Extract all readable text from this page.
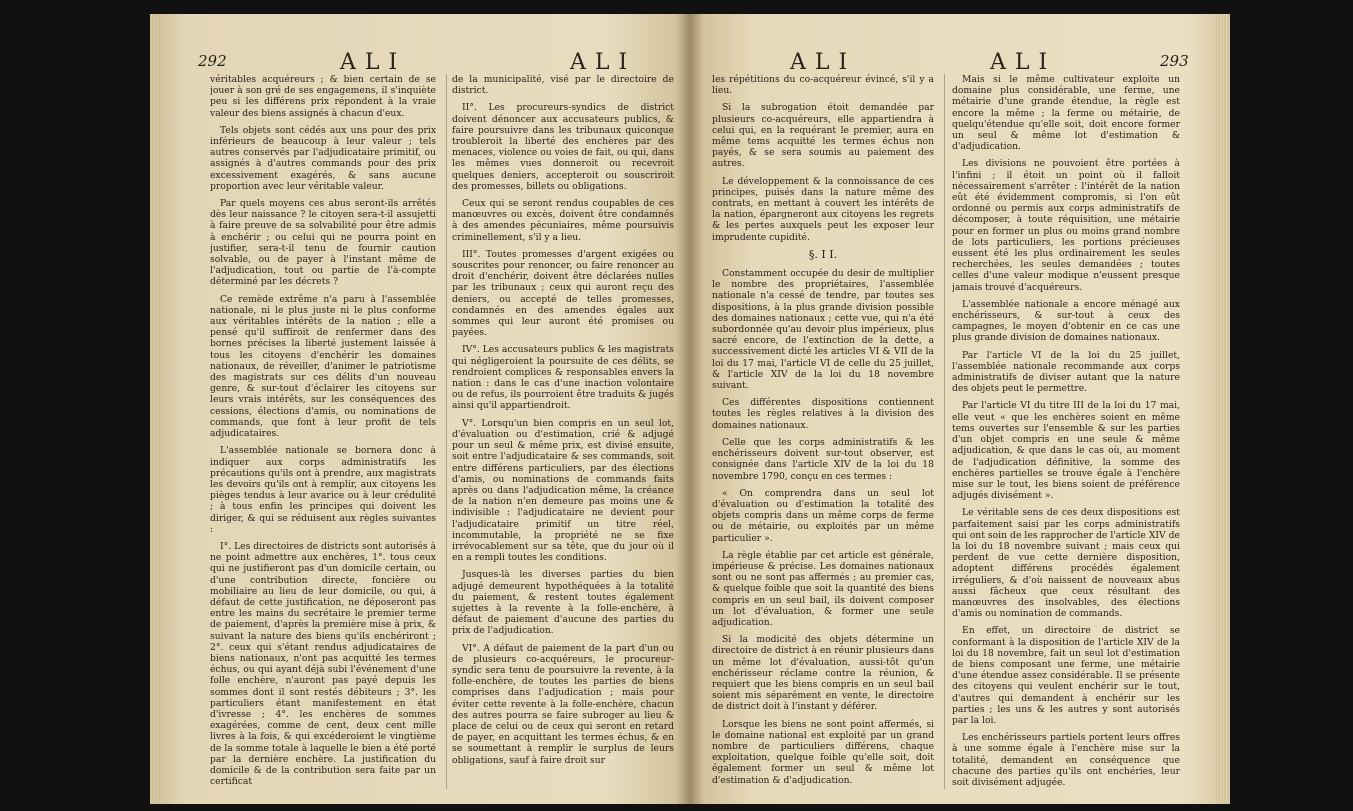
292	ALI	ALI

véritables acquéreurs ; & bien certain de se jouer à son gré de ses engagemens, il s'inquiète peu si les différens prix répondent à la vraie valeur des biens assignés à chacun d'eux.

Tels objets sont cédés aux uns pour des prix inférieurs de beaucoup à leur valeur ; tels autres conservés par l'adjudicataire primitif, ou assignés à d'autres commands pour des prix excessivement exagérés, & sans aucune proportion avec leur véritable valeur.

Par quels moyens ces abus seront-ils arrêtés dès leur naissance ? le citoyen sera-t-il assujetti à faire preuve de sa solvabilité pour être admis à enchérir ; ou celui qui ne pourra point en justifier, sera-t-il tenu de fournir caution solvable, ou de payer à l'instant même de l'adjudication, tout ou partie de l'à-compte déterminé par les décrets ?

Ce remède extrême n'a paru à l'assemblée nationale, ni le plus juste ni le plus conforme aux véritables intérêts de la nation ; elle a pensé qu'il suffiroit de renfermer dans des bornes précises la liberté justement laissée à tous les citoyens d'enchérir les domaines nationaux, de réveiller, d'animer le patriotisme des magistrats sur ces délits d'un nouveau genre, & sur-tout d'éclairer les citoyens sur leurs vrais intérêts, sur les conséquences des cessions, élections d'amis, ou nominations de commands, que font à leur profit de tels adjudicataires.

L'assemblée nationale se bornera donc à indiquer aux corps administratifs les précautions qu'ils ont à prendre, aux magistrats les devoirs qu'ils ont à remplir, aux citoyens les pièges tendus à leur avarice ou à leur crédulité ; à tous enfin les principes qui doivent les diriger, & qui se réduisent aux règles suivantes :

I°. Les directoires de districts sont autorisés à ne point admettre aux enchères, 1°. tous ceux qui ne justifieront pas d'un domicile certain, ou d'une contribution directe, foncière ou mobiliaire au lieu de leur domicile, ou qui, à défaut de cette justification, ne déposeront pas entre les mains du secrétaire le premier terme de paiement, d'après la première mise à prix, & suivant la nature des biens qu'ils enchériront ; 2°. ceux qui s'étant rendus adjudicataires de biens nationaux, n'ont pas acquitté les termes échus, ou qui ayant déjà subi l'événement d'une folle enchère, n'auront pas payé depuis les sommes dont il sont restés débiteurs ; 3°. les particuliers étant manifestement en état d'ivresse ; 4°. les enchères de sommes exagérées, comme de cent, deux cent mille livres à la fois, & qui excéderoient le vingtième de la somme totale à laquelle le bien a été porté par la dernière enchère. La justification du domicile & de la contribution sera faite par un certificat

de la municipalité, visé par le directoire de district.

II°. Les procureurs-syndics de district doivent dénoncer aux accusateurs publics, & faire poursuivre dans les tribunaux quiconque troubleroit la liberté des enchères par des menaces, violence ou voies de fait, ou qui, dans les mêmes vues donneroit ou recevroit quelques deniers, accepteroit ou souscriroit des promesses, billets ou obligations.

Ceux qui se seront rendus coupables de ces manœuvres ou excès, doivent être condamnés à des amendes pécuniaires, même poursuivis criminellement, s'il y a lieu.

III°. Toutes promesses d'argent exigées ou souscrites pour renoncer, ou faire renoncer au droit d'enchérir, doivent être déclarées nulles par les tribunaux ; ceux qui auront reçu des deniers, ou accepté de telles promesses, condamnés en des amendes égales aux sommes qui leur auront été promises ou payées.

IV°. Les accusateurs publics & les magistrats qui négligeroient la poursuite de ces délits, se rendroient complices & responsables envers la nation : dans le cas d'une inaction volontaire ou de refus, ils pourroient être traduits & jugés ainsi qu'il appartiendroit.

V°. Lorsqu'un bien compris en un seul lot, d'évaluation ou d'estimation, crié & adjugé pour un seul & même prix, est divisé ensuite, soit entre l'adjudicataire & ses commands, soit entre différens particuliers, par des élections d'amis, ou nominations de commands faits après ou dans l'adjudication même, la créance de la nation n'en demeure pas moins une & indivisible : l'adjudicataire ne devient pour l'adjudicataire primitif un titre réel, incommutable, la propriété ne se fixe irrévocablement sur sa tête, que du jour où il en a rempli toutes les conditions.

Jusques-là les diverses parties du bien adjugé demeurent hypothéquées à la totalité du paiement, & restent toutes également sujettes à la revente à la folle-enchère, à défaut de paiement d'aucune des parties du prix de l'adjudication.

VI°. A défaut de paiement de la part d'un ou de plusieurs co-acquéreurs, le procureur-syndic sera tenu de poursuivre la revente, à la folle-enchère, de toutes les parties de biens comprises dans l'adjudication ; mais pour éviter cette revente à la folle-enchère, chacun des autres pourra se faire subroger au lieu & place de celui ou de ceux qui seront en retard de payer, en acquittant les termes échus, & en se soumettant à remplir le surplus de leurs obligations, sauf à faire droit sur

ALI	ALI	293

les répétitions du co-acquéreur évincé, s'il y a lieu.

Si la subrogation étoit demandée par plusieurs co-acquéreurs, elle appartiendra à celui qui, en la requérant le premier, aura en même tems acquitté les termes échus non payés, & se sera soumis au paiement des autres.

Le développement & la connoissance de ces principes, puisés dans la nature même des contrats, en mettant à couvert les intérêts de la nation, épargneront aux citoyens les regrets & les pertes auxquels peut les exposer leur imprudente cupidité.

§. I I.

Constamment occupée du desir de multiplier le nombre des propriétaires, l'assemblée nationale n'a cessé de tendre, par toutes ses dispositions, à la plus grande division possible des domaines nationaux ; cette vue, qui n'a été subordonnée qu'au devoir plus impérieux, plus sacré encore, de l'extinction de la dette, a successivement dicté les articles VI & VII de la loi du 17 mai, l'article VI de celle du 25 juillet, & l'article XIV de la loi du 18 novembre suivant.

Ces différentes dispositions contiennent toutes les règles relatives à la division des domaines nationaux.

Celle que les corps administratifs & les enchérisseurs doivent sur-tout observer, est consignée dans l'article XIV de la loi du 18 novembre 1790, conçu en ces termes :

« On comprendra dans un seul lot d'évaluation ou d'estimation la totalité des objets compris dans un même corps de ferme ou de métairie, ou exploités par un même particulier ».

La règle établie par cet article est générale, impérieuse & précise. Les domaines nationaux sont ou ne sont pas affermés ; au premier cas, & quelque foible que soit la quantité des biens compris en un seul bail, ils doivent composer un lot d'évaluation, & former une seule adjudication.

Si la modicité des objets détermine un directoire de district à en réunir plusieurs dans un même lot d'évaluation, aussi-tôt qu'un enchérisseur réclame contre la réunion, & requiert que les biens compris en un seul bail soient mis séparément en vente, le directoire de district doit à l'instant y déférer.

Lorsque les biens ne sont point affermés, si le domaine national est exploité par un grand nombre de particuliers différens, chaque exploitation, quelque foible qu'elle soit, doit également former un seul & même lot d'estimation & d'adjudication.

Mais si le même cultivateur exploite un domaine plus considérable, une ferme, une métairie d'une grande étendue, la règle est encore la même ; la ferme ou métairie, de quelqu'étendue qu'elle soit, doit encore former un seul & même lot d'estimation & d'adjudication.

Les divisions ne pouvoient être portées à l'infini ; il étoit un point où il falloit nécessairement s'arrêter : l'intérêt de la nation eût été évidemment compromis, si l'on eût ordonné ou permis aux corps administratifs de décomposer, à toute réquisition, une métairie pour en former un plus ou moins grand nombre de lots particuliers, les portions précieuses eussent été les plus ordinairement les seules recherchées, les seules demandées ; toutes celles d'une valeur modique n'eussent presque jamais trouvé d'acquéreurs.

L'assemblée nationale a encore ménagé aux enchérisseurs, & sur-tout à ceux des campagnes, le moyen d'obtenir en ce cas une plus grande division de domaines nationaux.

Par l'article VI de la loi du 25 juillet, l'assemblée nationale recommande aux corps administratifs de diviser autant que la nature des objets peut le permettre.

Par l'article VI du titre III de la loi du 17 mai, elle veut « que les enchères soient en même tems ouvertes sur l'ensemble & sur les parties d'un objet compris en une seule & même adjudication, & que dans le cas où, au moment de l'adjudication définitive, la somme des enchères partielles se trouve égale à l'enchère mise sur le tout, les biens soient de préférence adjugés divisément ».

Le véritable sens de ces deux dispositions est parfaitement saisi par les corps administratifs qui ont soin de les rapprocher de l'article XIV de la loi du 18 novembre suivant ; mais ceux qui perdent de vue cette dernière disposition, adoptent différens procédés également irréguliers, & d'où naissent de nouveaux abus aussi fâcheux que ceux résultant des manœuvres des insolvables, des élections d'amis ou nomination de commands.

En effet, un directoire de district se conformant à la disposition de l'article XIV de la loi du 18 novembre, fait un seul lot d'estimation de biens composant une ferme, une métairie d'une étendue assez considérable. Il se présente des citoyens qui veulent enchérir sur le tout, d'autres qui demandent à enchérir sur les parties ; les uns & les autres y sont autorisés par la loi.

Les enchérisseurs partiels portent leurs offres à une somme égale à l'enchère mise sur la totalité, demandent en conséquence que chacune des parties qu'ils ont enchéries, leur soit divisément adjugée.
